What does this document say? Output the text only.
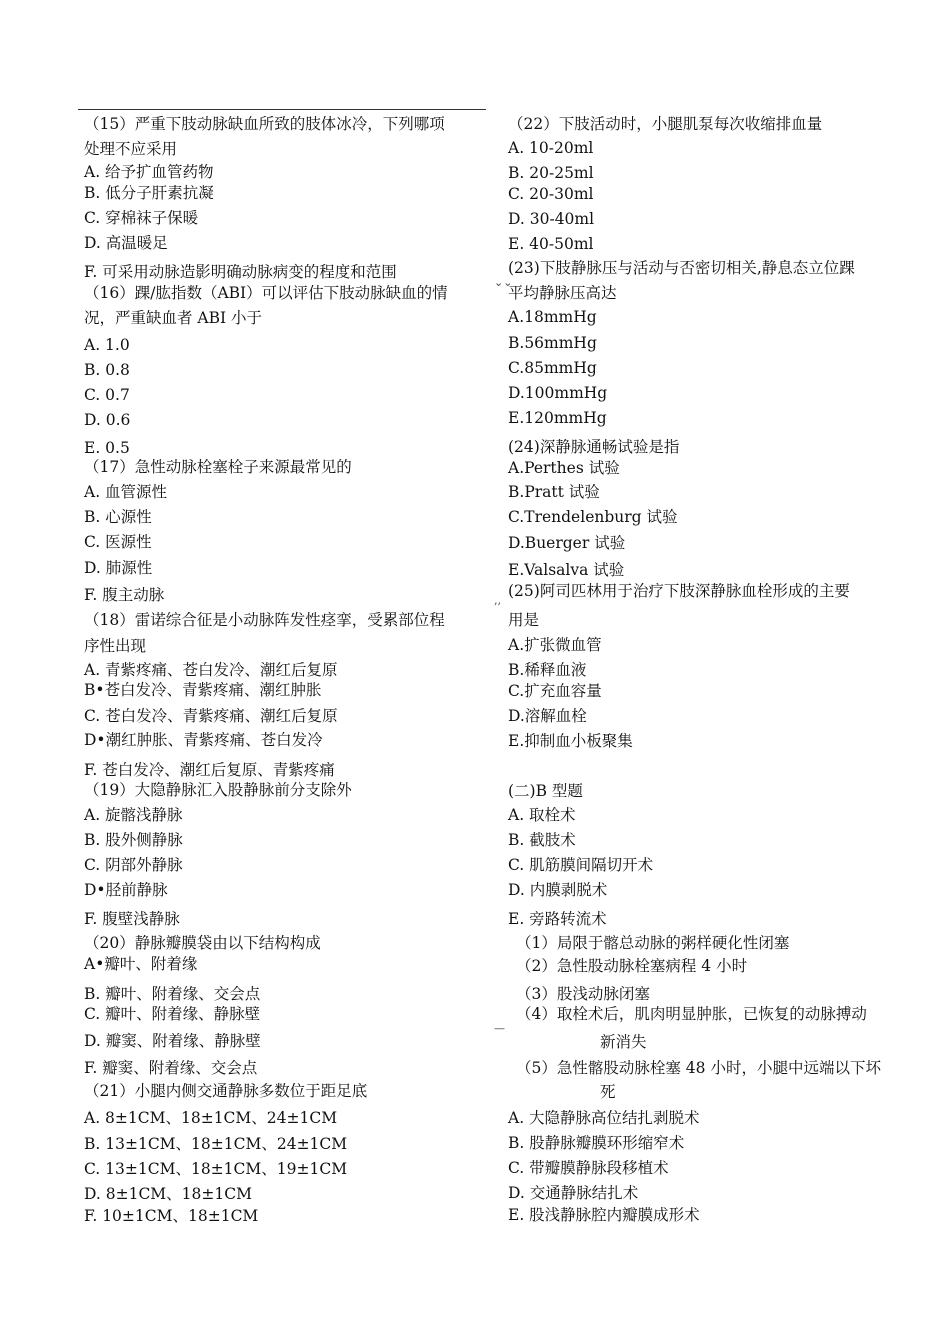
（15）严重下肢动脉缺血所致的肢体冰冷，下列哪项
处理不应采用
A. 给予扩血管药物
B. 低分子肝素抗凝
C. 穿棉袜子保暖
D. 高温暖足
F. 可采用动脉造影明确动脉病变的程度和范围
（16）踝/肱指数（ABI）可以评估下肢动脉缺血的情
况，严重缺血者 ABI 小于
A. 1.0
B. 0.8
C. 0.7
D. 0.6
E. 0.5
（17）急性动脉栓塞栓子来源最常见的
A. 血管源性
B. 心源性
C. 医源性
D. 肺源性
F. 腹主动脉
（18）雷诺综合征是小动脉阵发性痉挛，受累部位程
序性出现
A. 青紫疼痛、苍白发冷、潮红后复原
B•苍白发冷、青紫疼痛、潮红肿胀
C. 苍白发冷、青紫疼痛、潮红后复原
D•潮红肿胀、青紫疼痛、苍白发冷
F. 苍白发冷、潮红后复原、青紫疼痛
（19）大隐静脉汇入股静脉前分支除外
A. 旋髂浅静脉
B. 股外侧静脉
C. 阴部外静脉
D•胫前静脉
F. 腹壁浅静脉
（20）静脉瓣膜袋由以下结构构成
A•瓣叶、附着缘
B. 瓣叶、附着缘、交会点
C. 瓣叶、附着缘、静脉壁
D. 瓣窦、附着缘、静脉壁
F. 瓣窦、附着缘、交会点
（21）小腿内侧交通静脉多数位于距足底
A. 8±1CM、18±1CM、24±1CM
B. 13±1CM、18±1CM、24±1CM
C. 13±1CM、18±1CM、19±1CM
D. 8±1CM、18±1CM
F. 10±1CM、18±1CM
（22）下肢活动时，小腿肌泵每次收缩排血量
A. 10-20ml
B. 20-25ml
C. 20-30ml
D. 30-40ml
E. 40-50ml
(23)下肢静脉压与活动与否密切相关,静息态立位踝
平均静脉压高达
A.18mmHg
B.56mmHg
C.85mmHg
D.100mmHg
E.120mmHg
(24)深静脉通畅试验是指
A.Perthes 试验
B.Pratt 试验
C.Trendelenburg 试验
D.Buerger 试验
E.Valsalva 试验
(25)阿司匹林用于治疗下肢深静脉血栓形成的主要
用是
A.扩张微血管
B.稀释血液
C.扩充血容量
D.溶解血栓
E.抑制血小板聚集
(二)B 型题
A. 取栓术
B. 截肢术
C. 肌筋膜间隔切开术
D. 内膜剥脱术
E. 旁路转流术
（1）局限于髂总动脉的粥样硬化性闭塞
（2）急性股动脉栓塞病程 4 小时
（3）股浅动脉闭塞
（4）取栓术后，肌肉明显肿胀，已恢复的动脉搏动
新消失
（5）急性髂股动脉栓塞 48 小时，小腿中远端以下坏
死
A. 大隐静脉高位结扎剥脱术
B. 股静脉瓣膜环形缩窄术
C. 带瓣膜静脉段移植术
D. 交通静脉结扎术
E. 股浅静脉腔内瓣膜成形术
⌄⌄
‚‚
—
